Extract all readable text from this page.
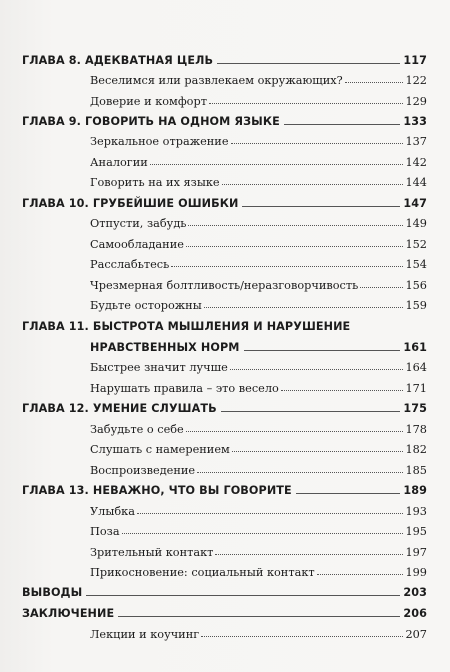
ГЛАВА 8. АДЕКВАТНАЯ ЦЕЛЬ	117
Веселимся или развлекаем окружающих?	122
Доверие и комфорт	129
ГЛАВА 9. ГОВОРИТЬ НА ОДНОМ ЯЗЫКЕ	133
Зеркальное отражение	137
Аналогии	142
Говорить на их языке	144
ГЛАВА 10. ГРУБЕЙШИЕ ОШИБКИ	147
Отпусти, забудь	149
Самообладание	152
Расслабьтесь	154
Чрезмерная болтливость/неразговорчивость	156
Будьте осторожны	159
ГЛАВА 11. БЫСТРОТА МЫШЛЕНИЯ И НАРУШЕНИЕ
НРАВСТВЕННЫХ НОРМ	161
Быстрее значит лучше	164
Нарушать правила – это весело	171
ГЛАВА 12. УМЕНИЕ СЛУШАТЬ	175
Забудьте о себе	178
Слушать с намерением	182
Воспроизведение	185
ГЛАВА 13. НЕВАЖНО, ЧТО ВЫ ГОВОРИТЕ	189
Улыбка	193
Поза	195
Зрительный контакт	197
Прикосновение: социальный контакт	199
ВЫВОДЫ	203
ЗАКЛЮЧЕНИЕ	206
Лекции и коучинг	207
